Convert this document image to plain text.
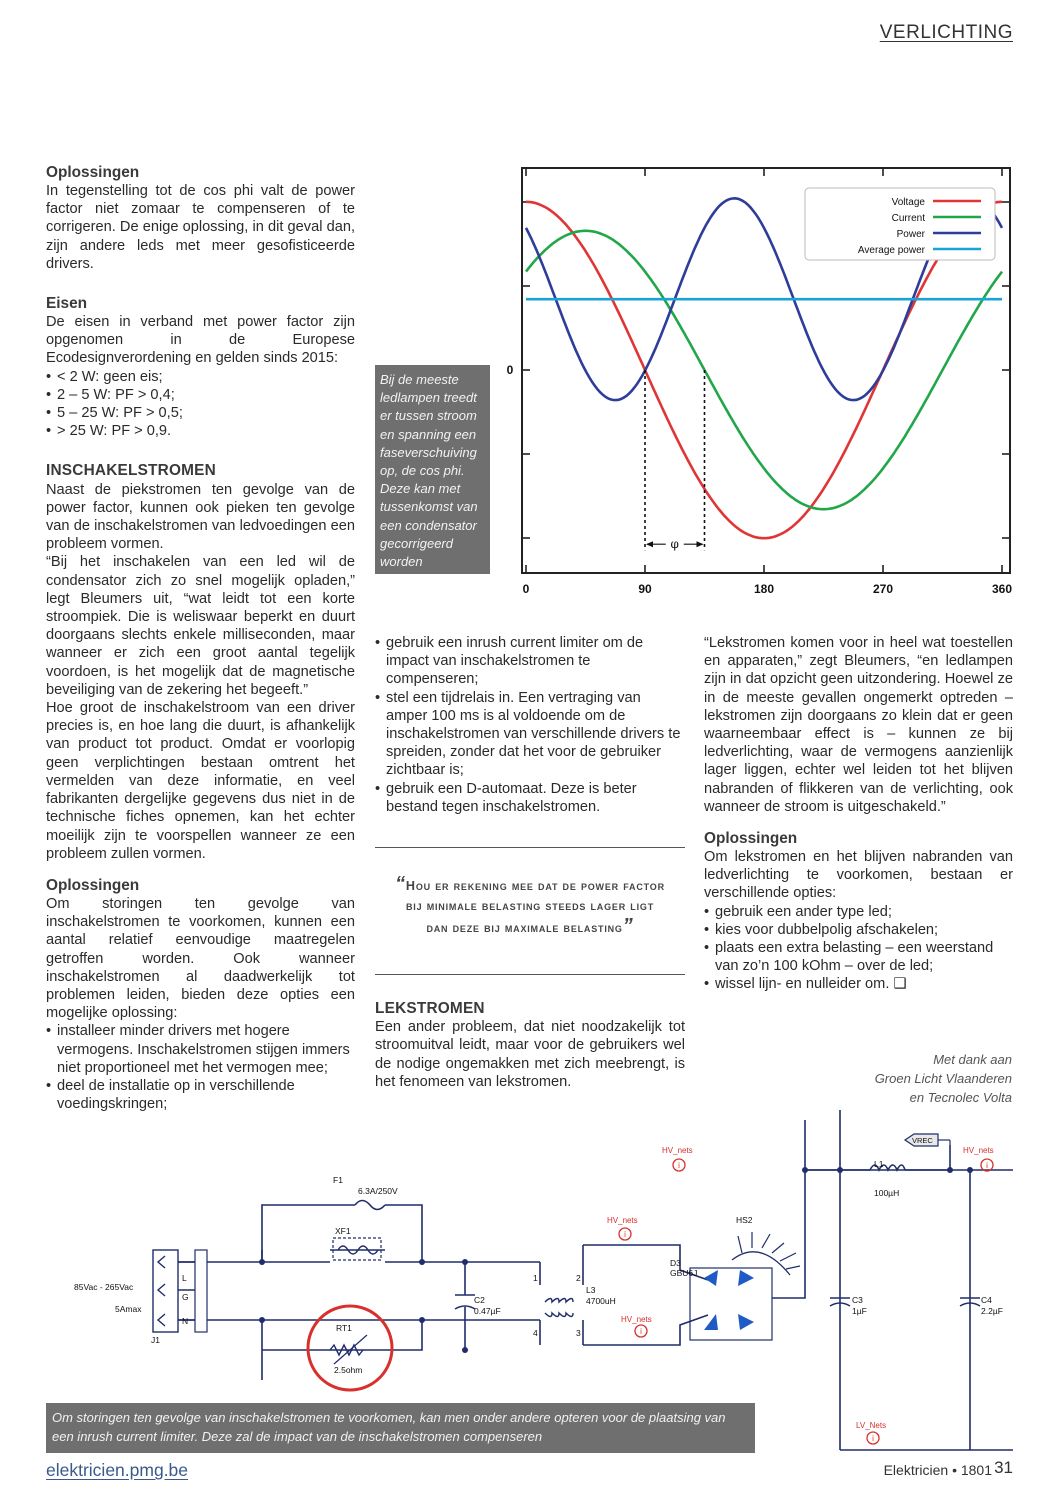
VERLICHTING
Oplossingen

In tegenstelling tot de cos phi valt de power factor niet zomaar te compenseren of te corrigeren. De enige oplossing, in dit geval dan, zijn andere leds met meer gesofisticeerde drivers.

Eisen

De eisen in verband met power factor zijn opgenomen in de Europese Ecodesignverordening en gelden sinds 2015:

• < 2 W: geen eis;
• 2 – 5 W: PF > 0,4;
• 5 – 25 W: PF > 0,5;
• > 25 W: PF > 0,9.
INSCHAKELSTROMEN

Naast de piekstromen ten gevolge van de power factor, kunnen ook pieken ten gevolge van de inschakelstromen van ledvoedingen een probleem vormen.

“Bij het inschakelen van een led wil de condensator zich zo snel mogelijk opladen,” legt Bleumers uit, “wat leidt tot een korte stroompiek. Die is weliswaar beperkt en duurt doorgaans slechts enkele milliseconden, maar wanneer er zich een groot aantal tegelijk voordoen, is het mogelijk dat de magnetische beveiliging van de zekering het begeeft.”

Hoe groot de inschakelstroom van een driver precies is, en hoe lang die duurt, is afhankelijk van product tot product. Omdat er voorlopig geen verplichtingen bestaan omtrent het vermelden van deze informatie, en veel fabrikanten dergelijke gegevens dus niet in de technische fiches opnemen, kan het echter moeilijk zijn te voorspellen wanneer ze een probleem zullen vormen.

Oplossingen

Om storingen ten gevolge van inschakelstromen te voorkomen, kunnen een aantal relatief eenvoudige maatregelen getroffen worden. Ook wanneer inschakelstromen al daadwerkelijk tot problemen leiden, bieden deze opties een mogelijke oplossing:

• installeer minder drivers met hogere vermogens. Inschakelstromen stijgen immers niet proportioneel met het vermogen mee;
• deel de installatie op in verschillende voedingskringen;
Bij de meeste ledlampen treedt er tussen stroom en spanning een faseverschuiving op, de cos phi. Deze kan met tussenkomst van een condensator gecorrigeerd worden
0
0	90	180	270	360
φ
Voltage
Current
Power
Average power
• gebruik een inrush current limiter om de impact van inschakelstromen te compenseren;
• stel een tijdrelais in. Een vertraging van amper 100 ms is al voldoende om de inschakelstromen van verschillende drivers te spreiden, zonder dat het voor de gebruiker zichtbaar is;
• gebruik een D-automaat. Deze is beter bestand tegen inschakelstromen.

“Hou er rekening mee dat de power factor bij minimale belasting steeds lager ligt dan deze bij maximale belasting”

LEKSTROMEN

Een ander probleem, dat niet noodzakelijk tot stroomuitval leidt, maar voor de gebruikers wel de nodige ongemakken met zich meebrengt, is het fenomeen van lekstromen.

“Lekstromen komen voor in heel wat toestellen en apparaten,” zegt Bleumers, “en ledlampen zijn in dat opzicht geen uitzondering. Hoewel ze in de meeste gevallen ongemerkt optreden – lekstromen zijn doorgaans zo klein dat er geen waarneembaar effect is – kunnen ze bij ledverlichting, waar de vermogens aanzienlijk lager liggen, echter wel leiden tot het blijven nabranden of flikkeren van de verlichting, ook wanneer de stroom is uitgeschakeld.”

Oplossingen

Om lekstromen en het blijven nabranden van ledverlichting te voorkomen, bestaan er verschillende opties:

• gebruik een ander type led;
• kies voor dubbelpolig afschakelen;
• plaats een extra belasting – een weerstand van zo’n 100 kOhm – over de led;
• wissel lijn- en nulleider om. ❑
Met dank aan
Groen Licht Vlaanderen
en Tecnolec Volta
i
i
i
i
i
F1
6.3A/250V
XF1
85Vac - 265Vac
5Amax
J1
L
G
N
RT1
2.5ohm
C2
0.47µF
L3
4700uH
1	2
3
4
D3
GBU6J
HS2
C3
1µF
C4
2.2µF
L1
100µH
VREC
HV_nets
HV_nets
HV_nets
HV_nets
LV_Nets
Om storingen ten gevolge van inschakelstromen te voorkomen, kan men onder andere opteren voor de plaatsing van een inrush current limiter. Deze zal de impact van de inschakelstromen compenseren
elektricien.pmg.be	Elektricien • 1801 31
